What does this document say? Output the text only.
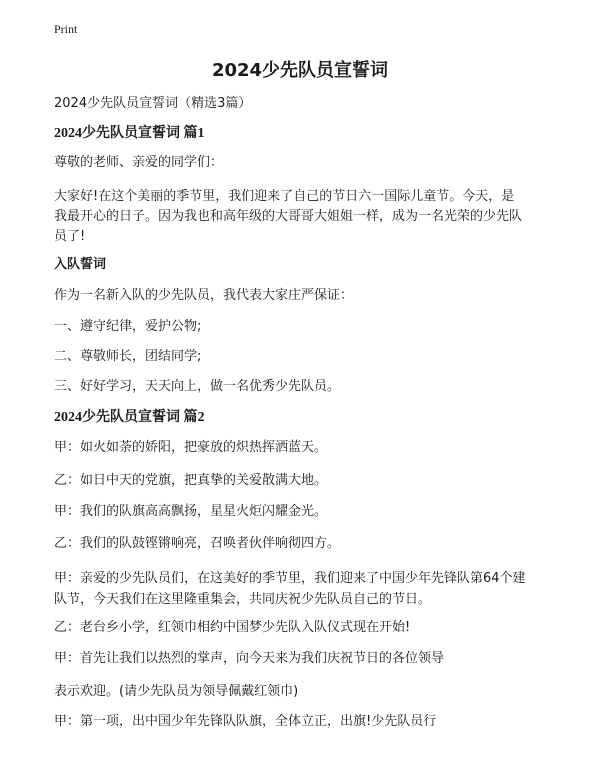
Print
2024少先队员宣誓词
2024少先队员宣誓词（精选3篇）
2024少先队员宣誓词 篇1
尊敬的老师、亲爱的同学们：
大家好!在这个美丽的季节里，我们迎来了自己的节日六一国际儿童节。今天，是
我最开心的日子。因为我也和高年级的大哥哥大姐姐一样，成为一名光荣的少先队
员了!
入队誓词
作为一名新入队的少先队员，我代表大家庄严保证：
一、遵守纪律，爱护公物;
二、尊敬师长，团结同学;
三、好好学习，天天向上，做一名优秀少先队员。
2024少先队员宣誓词 篇2
甲：如火如荼的娇阳，把豪放的炽热挥洒蓝天。
乙：如日中天的党旗，把真挚的关爱散满大地。
甲：我们的队旗高高飘扬，星星火炬闪耀金光。
乙：我们的队鼓铿锵响亮，召唤者伙伴响彻四方。
甲：亲爱的少先队员们，在这美好的季节里，我们迎来了中国少年先锋队第64个建
队节，今天我们在这里隆重集会，共同庆祝少先队员自己的节日。
乙：老台乡小学，红领巾相约中国梦少先队入队仪式现在开始!
甲：首先让我们以热烈的掌声，向今天来为我们庆祝节日的各位领导
表示欢迎。(请少先队员为领导佩戴红领巾)
甲：第一项，出中国少年先锋队队旗，全体立正，出旗!少先队员行
